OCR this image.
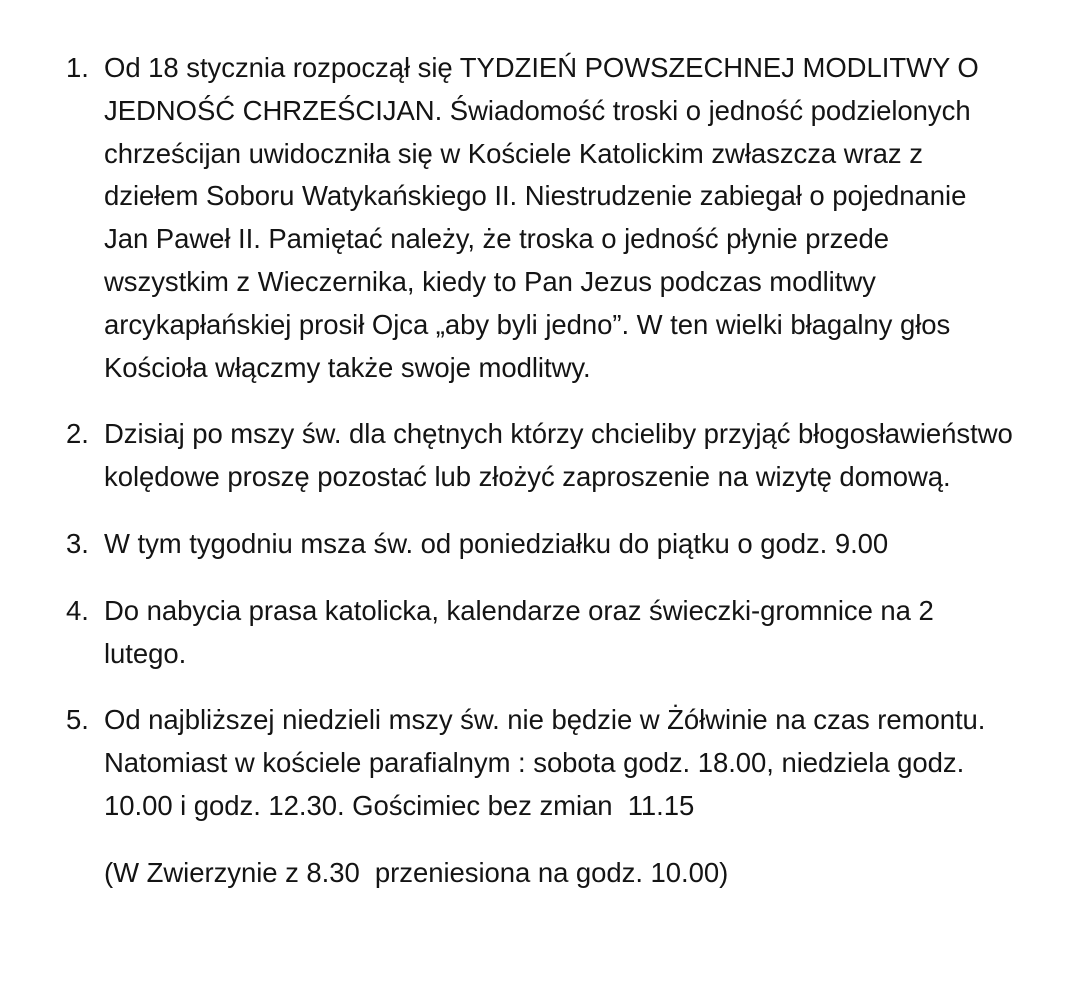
1. Od 18 stycznia rozpoczął się TYDZIEŃ POWSZECHNEJ MODLITWY O JEDNOŚĆ CHRZEŚCIJAN. Świadomość troski o jedność podzielonych chrześcijan uwidoczniła się w Kościele Katolickim zwłaszcza wraz z dziełem Soboru Watykańskiego II. Niestrudzenie zabiegał o pojednanie Jan Paweł II. Pamiętać należy, że troska o jedność płynie przede wszystkim z Wieczernika, kiedy to Pan Jezus podczas modlitwy arcykapłańskiej prosił Ojca „aby byli jedno”. W ten wielki błagalny głos Kościoła włączmy także swoje modlitwy.
2. Dzisiaj po mszy św. dla chętnych którzy chcieliby przyjąć błogosławieństwo kolędowe proszę pozostać lub złożyć zaproszenie na wizytę domową.
3. W tym tygodniu msza św. od poniedziałku do piątku o godz. 9.00
4. Do nabycia prasa katolicka, kalendarze oraz świeczki-gromnice na 2 lutego.
5. Od najbliższej niedzieli mszy św. nie będzie w Żółwinie na czas remontu. Natomiast w kościele parafialnym : sobota godz. 18.00, niedziela godz. 10.00 i godz. 12.30. Gościmiec bez zmian  11.15
(W Zwierzynie z 8.30  przeniesiona na godz. 10.00)
